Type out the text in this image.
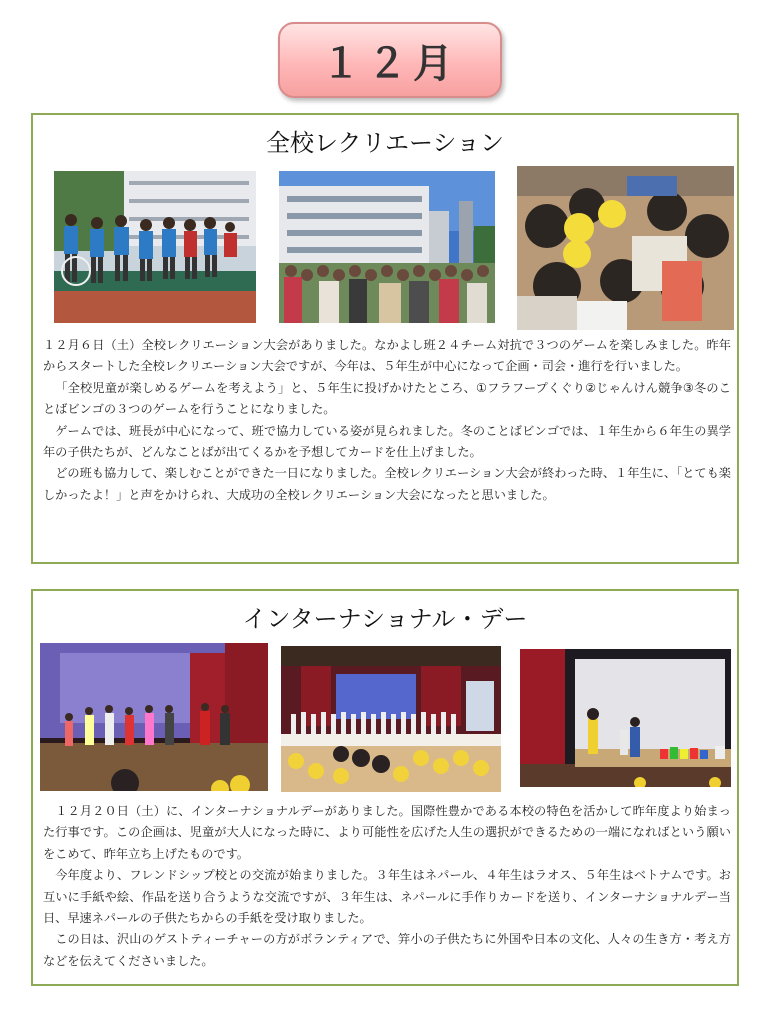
１２月
全校レクリエーション

１２月６日（土）全校レクリエーション大会がありました。なかよし班２４チーム対抗で３つのゲームを楽しみました。昨年からスタートした全校レクリエーション大会ですが、今年は、５年生が中心になって企画・司会・進行を行いました。

「全校児童が楽しめるゲームを考えよう」と、５年生に投げかけたところ、①フラフープくぐり②じゃんけん競争③冬のことばビンゴの３つのゲームを行うことになりました。

ゲームでは、班長が中心になって、班で協力している姿が見られました。冬のことばビンゴでは、１年生から６年生の異学年の子供たちが、どんなことばが出てくるかを予想してカードを仕上げました。

どの班も協力して、楽しむことができた一日になりました。全校レクリエーション大会が終わった時、１年生に、「とても楽しかったよ！」と声をかけられ、大成功の全校レクリエーション大会になったと思いました。

インターナショナル・デー

１２月２０日（土）に、インターナショナルデーがありました。国際性豊かである本校の特色を活かして昨年度より始まった行事です。この企画は、児童が大人になった時に、より可能性を広げた人生の選択ができるための一端になればという願いをこめて、昨年立ち上げたものです。

今年度より、フレンドシップ校との交流が始まりました。３年生はネパール、４年生はラオス、５年生はベトナムです。お互いに手紙や絵、作品を送り合うような交流ですが、３年生は、ネパールに手作りカードを送り、インターナショナルデー当日、早速ネパールの子供たちからの手紙を受け取りました。

この日は、沢山のゲストティーチャーの方がボランティアで、笄小の子供たちに外国や日本の文化、人々の生き方・考え方などを伝えてくださいました。
